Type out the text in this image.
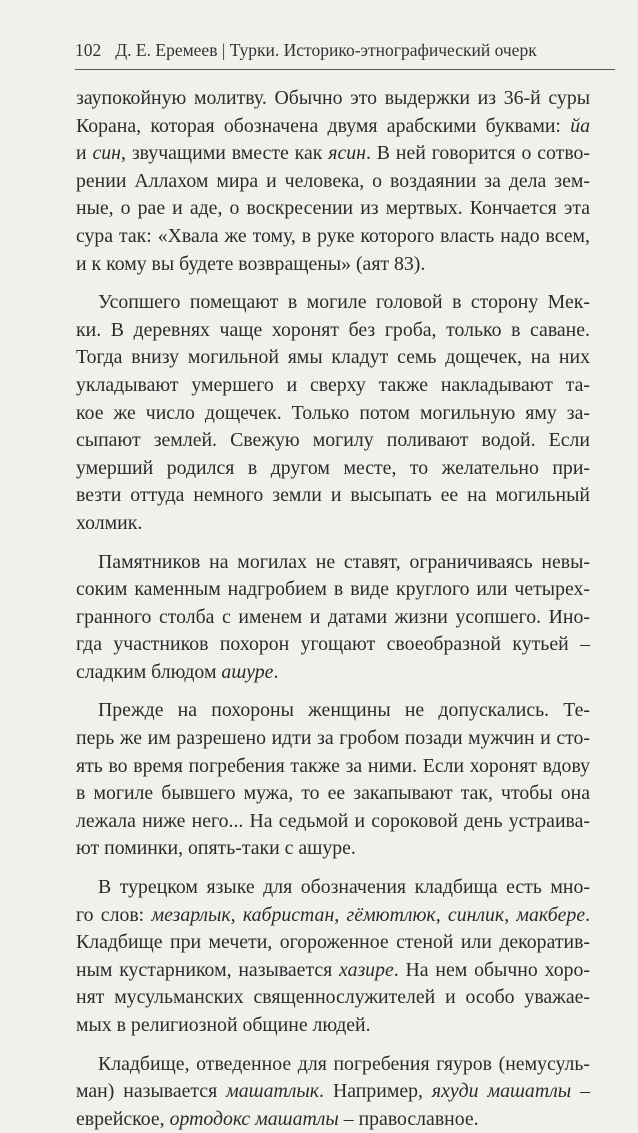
102 Д. Е. Еремеев | Турки. Историко-этнографический очерк
заупокойную молитву. Обычно это выдержки из 36-й суры
Корана, которая обозначена двумя арабскими буквами: йа
и син, звучащими вместе как ясин. В ней говорится о сотво-
рении Аллахом мира и человека, о воздаянии за дела зем-
ные, о рае и аде, о воскресении из мертвых. Кончается эта
сура так: «Хвала же тому, в руке которого власть надо всем,
и к кому вы будете возвращены» (аят 83).
Усопшего помещают в могиле головой в сторону Мек-
ки. В деревнях чаще хоронят без гроба, только в саване.
Тогда внизу могильной ямы кладут семь дощечек, на них
укладывают умершего и сверху также накладывают та-
кое же число дощечек. Только потом могильную яму за-
сыпают землей. Свежую могилу поливают водой. Если
умерший родился в другом месте, то желательно при-
везти оттуда немного земли и высыпать ее на могильный
холмик.
Памятников на могилах не ставят, ограничиваясь невы-
соким каменным надгробием в виде круглого или четырех-
гранного столба с именем и датами жизни усопшего. Ино-
гда участников похорон угощают своеобразной кутьей –
сладким блюдом ашуре.
Прежде на похороны женщины не допускались. Те-
перь же им разрешено идти за гробом позади мужчин и сто-
ять во время погребения также за ними. Если хоронят вдову
в могиле бывшего мужа, то ее закапывают так, чтобы она
лежала ниже него... На седьмой и сороковой день устраива-
ют поминки, опять-таки с ашуре.
В турецком языке для обозначения кладбища есть мно-
го слов: мезарлык, кабристан, гёмютлюк, синлик, макбере.
Кладбище при мечети, огороженное стеной или декоратив-
ным кустарником, называется хазире. На нем обычно хоро-
нят мусульманских священнослужителей и особо уважае-
мых в религиозной общине людей.
Кладбище, отведенное для погребения гяуров (немусуль-
ман) называется машатлык. Например, яхуди машатлы –
еврейское, ортодокс машатлы – православное.
